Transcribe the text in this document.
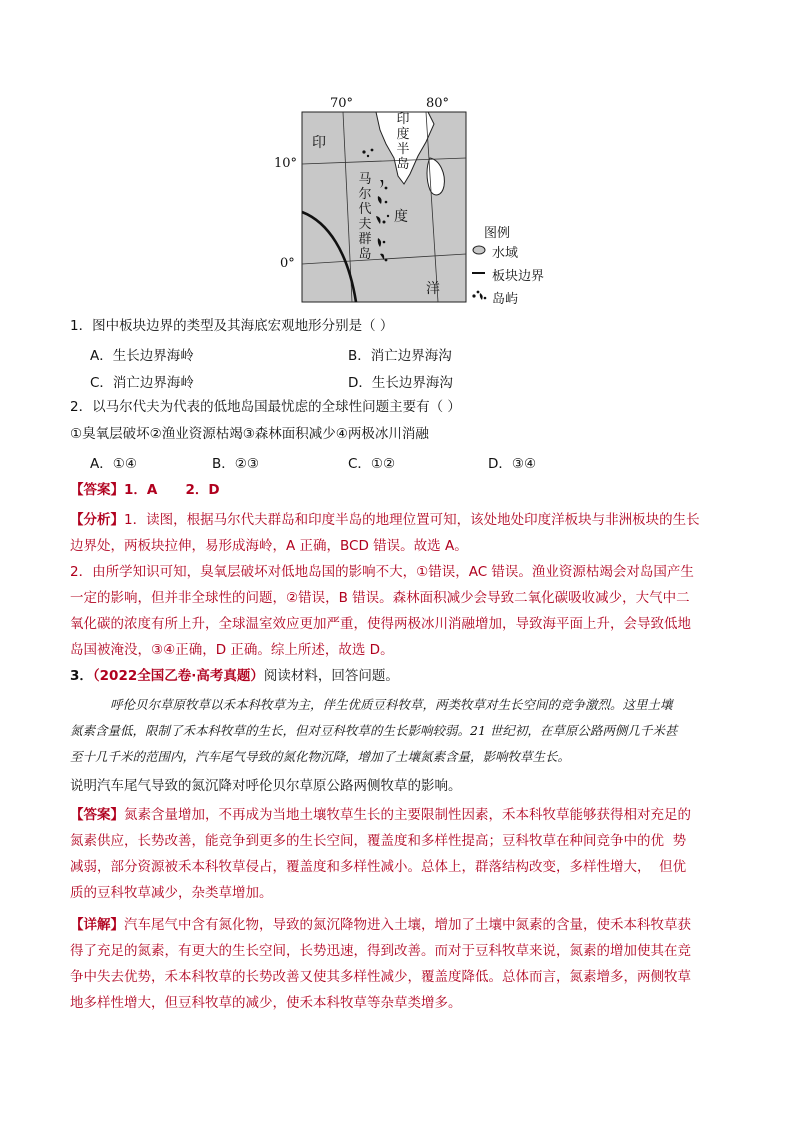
70°	80°
10°
0°
印
度
洋
印
度
半
岛
马
尔
代
夫
群
岛
图例
水域
板块边界
岛屿
1．图中板块边界的类型及其海底宏观地形分别是（ ）
A．生长边界海岭	B．消亡边界海沟
C．消亡边界海岭	D．生长边界海沟
2．以马尔代夫为代表的低地岛国最忧虑的全球性问题主要有（ ）
①臭氧层破坏②渔业资源枯竭③森林面积减少④两极冰川消融
A．①④	B．②③	C．①②	D．③④
【答案】1．A      2．D
【分析】1．读图，根据马尔代夫群岛和印度半岛的地理位置可知，该处地处印度洋板块与非洲板块的生长
边界处，两板块拉伸，易形成海岭，A 正确，BCD 错误。故选 A。
2．由所学知识可知，臭氧层破坏对低地岛国的影响不大，①错误，AC 错误。渔业资源枯竭会对岛国产生
一定的影响，但并非全球性的问题，②错误，B 错误。森林面积减少会导致二氧化碳吸收减少，大气中二
氧化碳的浓度有所上升，全球温室效应更加严重，使得两极冰川消融增加，导致海平面上升，会导致低地
岛国被淹没，③④正确，D 正确。综上所述，故选 D。
3．（2022全国乙卷·高考真题）阅读材料，回答问题。
呼伦贝尔草原牧草以禾本科牧草为主，伴生优质豆科牧草，两类牧草对生长空间的竞争激烈。这里土壤
氮素含量低，限制了禾本科牧草的生长，但对豆科牧草的生长影响较弱。21 世纪初，在草原公路两侧几千米甚
至十几千米的范围内，汽车尾气导致的氮化物沉降，增加了土壤氮素含量，影响牧草生长。
说明汽车尾气导致的氮沉降对呼伦贝尔草原公路两侧牧草的影响。
【答案】氮素含量增加，不再成为当地土壤牧草生长的主要限制性因素，禾本科牧草能够获得相对充足的
氮素供应，长势改善，能竞争到更多的生长空间，覆盖度和多样性提高；豆科牧草在种间竞争中的优  势
减弱，部分资源被禾本科牧草侵占，覆盖度和多样性减小。总体上，群落结构改变，多样性增大，  但优
质的豆科牧草减少，杂类草增加。
【详解】汽车尾气中含有氮化物，导致的氮沉降物进入土壤，增加了土壤中氮素的含量，使禾本科牧草获
得了充足的氮素，有更大的生长空间，长势迅速，得到改善。而对于豆科牧草来说，氮素的增加使其在竞
争中失去优势，禾本科牧草的长势改善又使其多样性减少，覆盖度降低。总体而言，氮素增多，两侧牧草
地多样性增大，但豆科牧草的减少，使禾本科牧草等杂草类增多。
